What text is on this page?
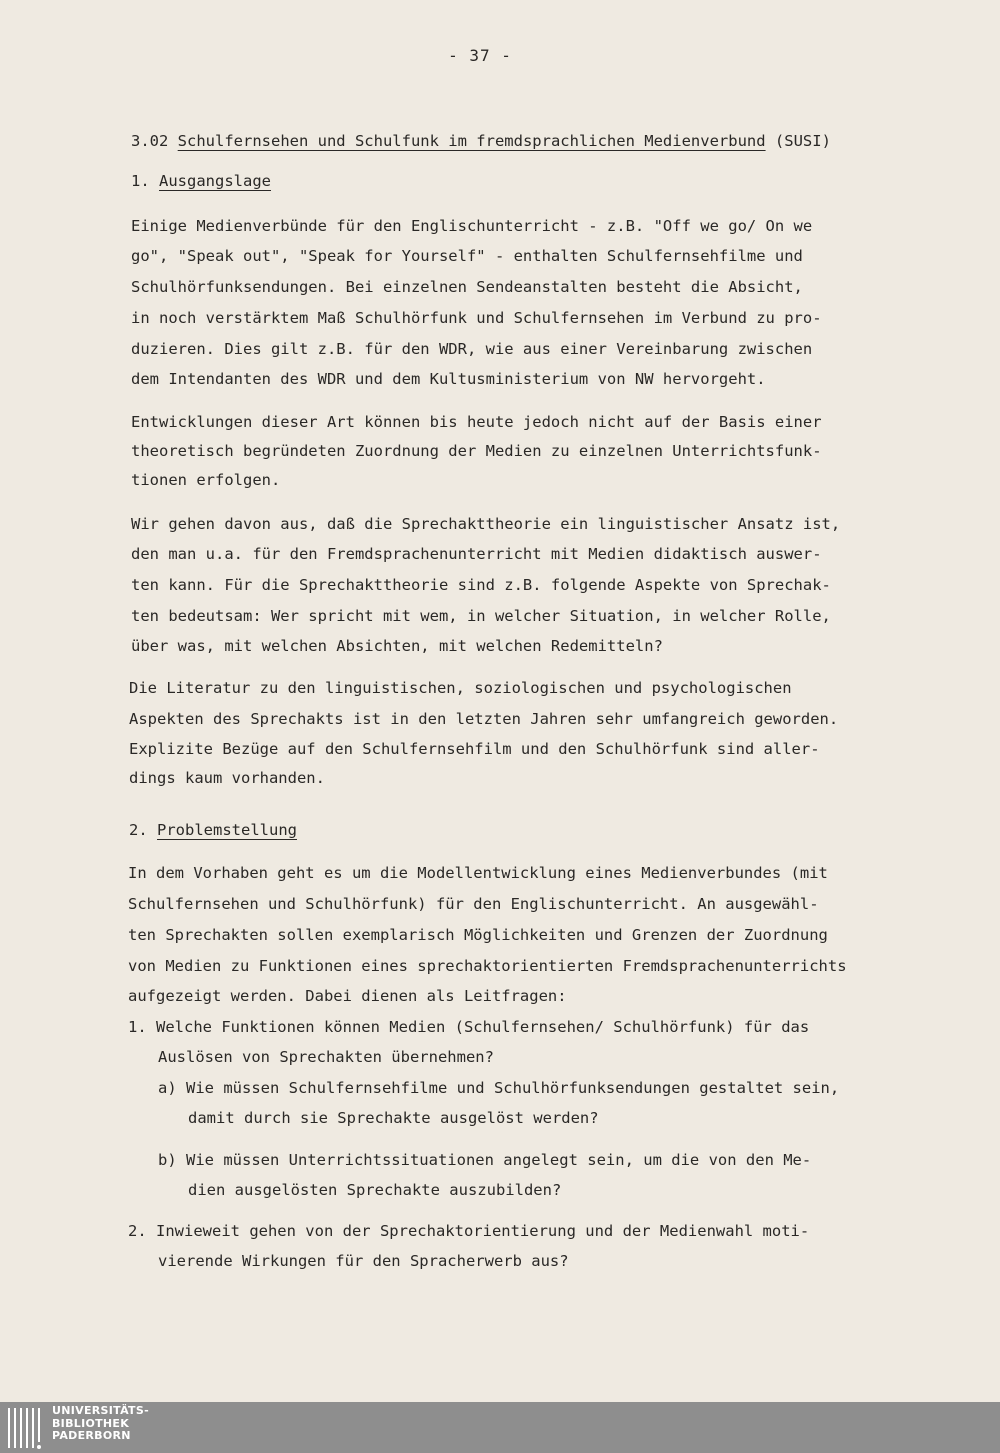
- 37 -
3.02 Schulfernsehen und Schulfunk im fremdsprachlichen Medienverbund (SUSI)
1. Ausgangslage
Einige Medienverbünde für den Englischunterricht - z.B. "Off we go/ On we
go", "Speak out", "Speak for Yourself" - enthalten Schulfernsehfilme und
Schulhörfunksendungen. Bei einzelnen Sendeanstalten besteht die Absicht,
in noch verstärktem Maß Schulhörfunk und Schulfernsehen im Verbund zu pro-
duzieren. Dies gilt z.B. für den WDR, wie aus einer Vereinbarung zwischen
dem Intendanten des WDR und dem Kultusministerium von NW hervorgeht.
Entwicklungen dieser Art können bis heute jedoch nicht auf der Basis einer
theoretisch begründeten Zuordnung der Medien zu einzelnen Unterrichtsfunk-
tionen erfolgen.
Wir gehen davon aus, daß die Sprechakttheorie ein linguistischer Ansatz ist,
den man u.a. für den Fremdsprachenunterricht mit Medien didaktisch auswer-
ten kann. Für die Sprechakttheorie sind z.B. folgende Aspekte von Sprechak-
ten bedeutsam: Wer spricht mit wem, in welcher Situation, in welcher Rolle,
über was, mit welchen Absichten, mit welchen Redemitteln?
Die Literatur zu den linguistischen, soziologischen und psychologischen
Aspekten des Sprechakts ist in den letzten Jahren sehr umfangreich geworden.
Explizite Bezüge auf den Schulfernsehfilm und den Schulhörfunk sind aller-
dings kaum vorhanden.
2. Problemstellung
In dem Vorhaben geht es um die Modellentwicklung eines Medienverbundes (mit
Schulfernsehen und Schulhörfunk) für den Englischunterricht. An ausgewähl-
ten Sprechakten sollen exemplarisch Möglichkeiten und Grenzen der Zuordnung
von Medien zu Funktionen eines sprechaktorientierten Fremdsprachenunterrichts
aufgezeigt werden. Dabei dienen als Leitfragen:
1. Welche Funktionen können Medien (Schulfernsehen/ Schulhörfunk) für das
Auslösen von Sprechakten übernehmen?
a) Wie müssen Schulfernsehfilme und Schulhörfunksendungen gestaltet sein,
damit durch sie Sprechakte ausgelöst werden?
b) Wie müssen Unterrichtssituationen angelegt sein, um die von den Me-
dien ausgelösten Sprechakte auszubilden?
2. Inwieweit gehen von der Sprechaktorientierung und der Medienwahl moti-
vierende Wirkungen für den Spracherwerb aus?
UNIVERSITÄTS-
BIBLIOTHEK
PADERBORN
